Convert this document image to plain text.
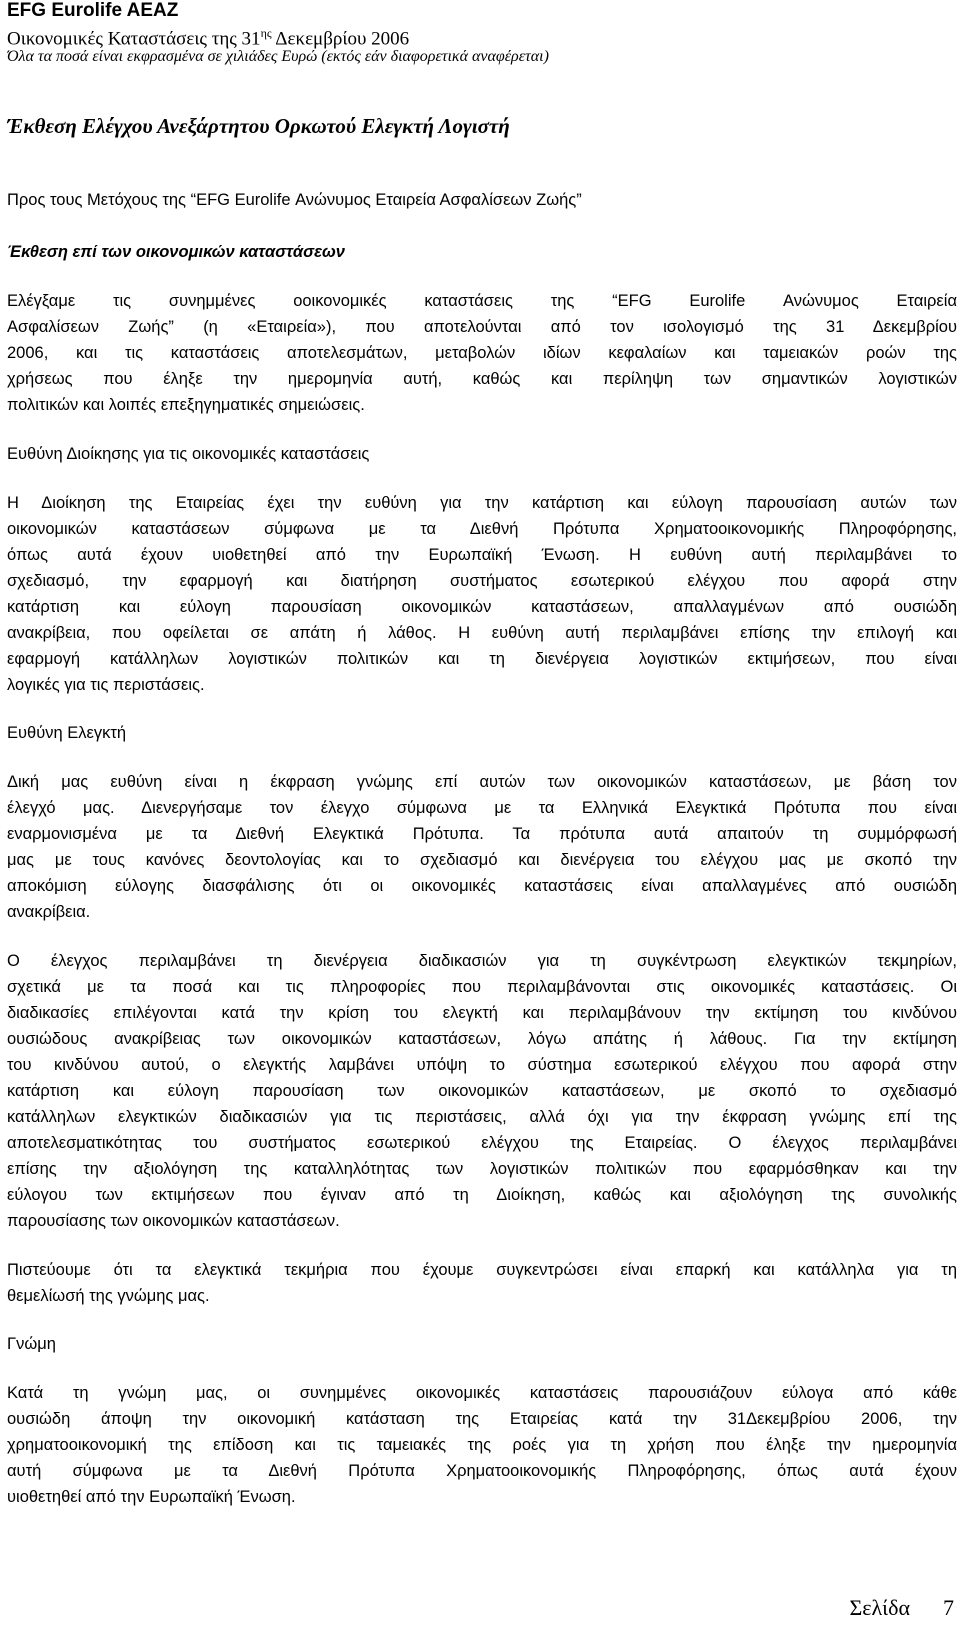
EFG Eurolife AEAZ
Οικονομικές Καταστάσεις της $31^{\eta\varsigma}$ Δεκεμβρίου 2006
Όλα τα ποσά είναι εκφρασμένα σε χιλιάδες Ευρώ (εκτός εάν διαφορετικά αναφέρεται)
Έκθεση Ελέγχου Ανεξάρτητου Ορκωτού Ελεγκτή Λογιστή
Προς τους Μετόχους της “EFG Eurolife Ανώνυμος Εταιρεία Ασφαλίσεων Ζωής”
Έκθεση επί των οικονομικών καταστάσεων
Ελέγξαμε τις συνημμένες οοικονομικές καταστάσεις της “EFG Eurolife Ανώνυμος Εταιρεία
Ασφαλίσεων Ζωής” (η «Εταιρεία»), που αποτελούνται από τον ισολογισμό της 31 Δεκεμβρίου
2006, και τις καταστάσεις αποτελεσμάτων, μεταβολών ιδίων κεφαλαίων και ταμειακών ροών της
χρήσεως που έληξε την ημερομηνία αυτή, καθώς και περίληψη των σημαντικών λογιστικών
πολιτικών και λοιπές επεξηγηματικές σημειώσεις.
Ευθύνη Διοίκησης για τις οικονομικές καταστάσεις
Η Διοίκηση της Εταιρείας έχει την ευθύνη για την κατάρτιση και εύλογη παρουσίαση αυτών των
οικονομικών καταστάσεων σύμφωνα με τα Διεθνή Πρότυπα Χρηματοοικονομικής Πληροφόρησης,
όπως αυτά έχουν υιοθετηθεί από την Ευρωπαϊκή Ένωση. Η ευθύνη αυτή περιλαμβάνει το
σχεδιασμό, την εφαρμογή και διατήρηση συστήματος εσωτερικού ελέγχου που αφορά στην
κατάρτιση και εύλογη παρουσίαση οικονομικών καταστάσεων, απαλλαγμένων από ουσιώδη
ανακρίβεια, που οφείλεται σε απάτη ή λάθος. Η ευθύνη αυτή περιλαμβάνει επίσης την επιλογή και
εφαρμογή κατάλληλων λογιστικών πολιτικών και τη διενέργεια λογιστικών εκτιμήσεων, που είναι
λογικές για τις περιστάσεις.
Ευθύνη Ελεγκτή
Δική μας ευθύνη είναι η έκφραση γνώμης επί αυτών των οικονομικών καταστάσεων, με βάση τον
έλεγχό μας. Διενεργήσαμε τον έλεγχο σύμφωνα με τα Ελληνικά Ελεγκτικά Πρότυπα που είναι
εναρμονισμένα με τα Διεθνή Ελεγκτικά Πρότυπα. Τα πρότυπα αυτά απαιτούν τη συμμόρφωσή
μας με τους κανόνες δεοντολογίας και το σχεδιασμό και διενέργεια του ελέγχου μας με σκοπό την
αποκόμιση εύλογης διασφάλισης ότι οι οικονομικές καταστάσεις είναι απαλλαγμένες από ουσιώδη
ανακρίβεια.
Ο έλεγχος περιλαμβάνει τη διενέργεια διαδικασιών για τη συγκέντρωση ελεγκτικών τεκμηρίων,
σχετικά με τα ποσά και τις πληροφορίες που περιλαμβάνονται στις οικονομικές καταστάσεις. Οι
διαδικασίες επιλέγονται κατά την κρίση του ελεγκτή και περιλαμβάνουν την εκτίμηση του κινδύνου
ουσιώδους ανακρίβειας των οικονομικών καταστάσεων, λόγω απάτης ή λάθους. Για την εκτίμηση
του κινδύνου αυτού, ο ελεγκτής λαμβάνει υπόψη το σύστημα εσωτερικού ελέγχου που αφορά στην
κατάρτιση και εύλογη παρουσίαση των οικονομικών καταστάσεων, με σκοπό το σχεδιασμό
κατάλληλων ελεγκτικών διαδικασιών για τις περιστάσεις, αλλά όχι για την έκφραση γνώμης επί της
αποτελεσματικότητας του συστήματος εσωτερικού ελέγχου της Εταιρείας. Ο έλεγχος περιλαμβάνει
επίσης την αξιολόγηση της καταλληλότητας των λογιστικών πολιτικών που εφαρμόσθηκαν και την
εύλογου των εκτιμήσεων που έγιναν από τη Διοίκηση, καθώς και αξιολόγηση της συνολικής
παρουσίασης των οικονομικών καταστάσεων.
Πιστεύουμε ότι τα ελεγκτικά τεκμήρια που έχουμε συγκεντρώσει είναι επαρκή και κατάλληλα για τη
θεμελίωσή της γνώμης μας.
Γνώμη
Κατά τη γνώμη μας, οι συνημμένες οικονομικές καταστάσεις παρουσιάζουν εύλογα από κάθε
ουσιώδη άποψη την οικονομική κατάσταση της Εταιρείας κατά την 31Δεκεμβρίου 2006, την
χρηματοοικονομική της επίδοση και τις ταμειακές της ροές για τη χρήση που έληξε την ημερομηνία
αυτή σύμφωνα με τα Διεθνή Πρότυπα Χρηματοοικονομικής Πληροφόρησης, όπως αυτά έχουν
υιοθετηθεί από την Ευρωπαϊκή Ένωση.
Σελίδα 7
